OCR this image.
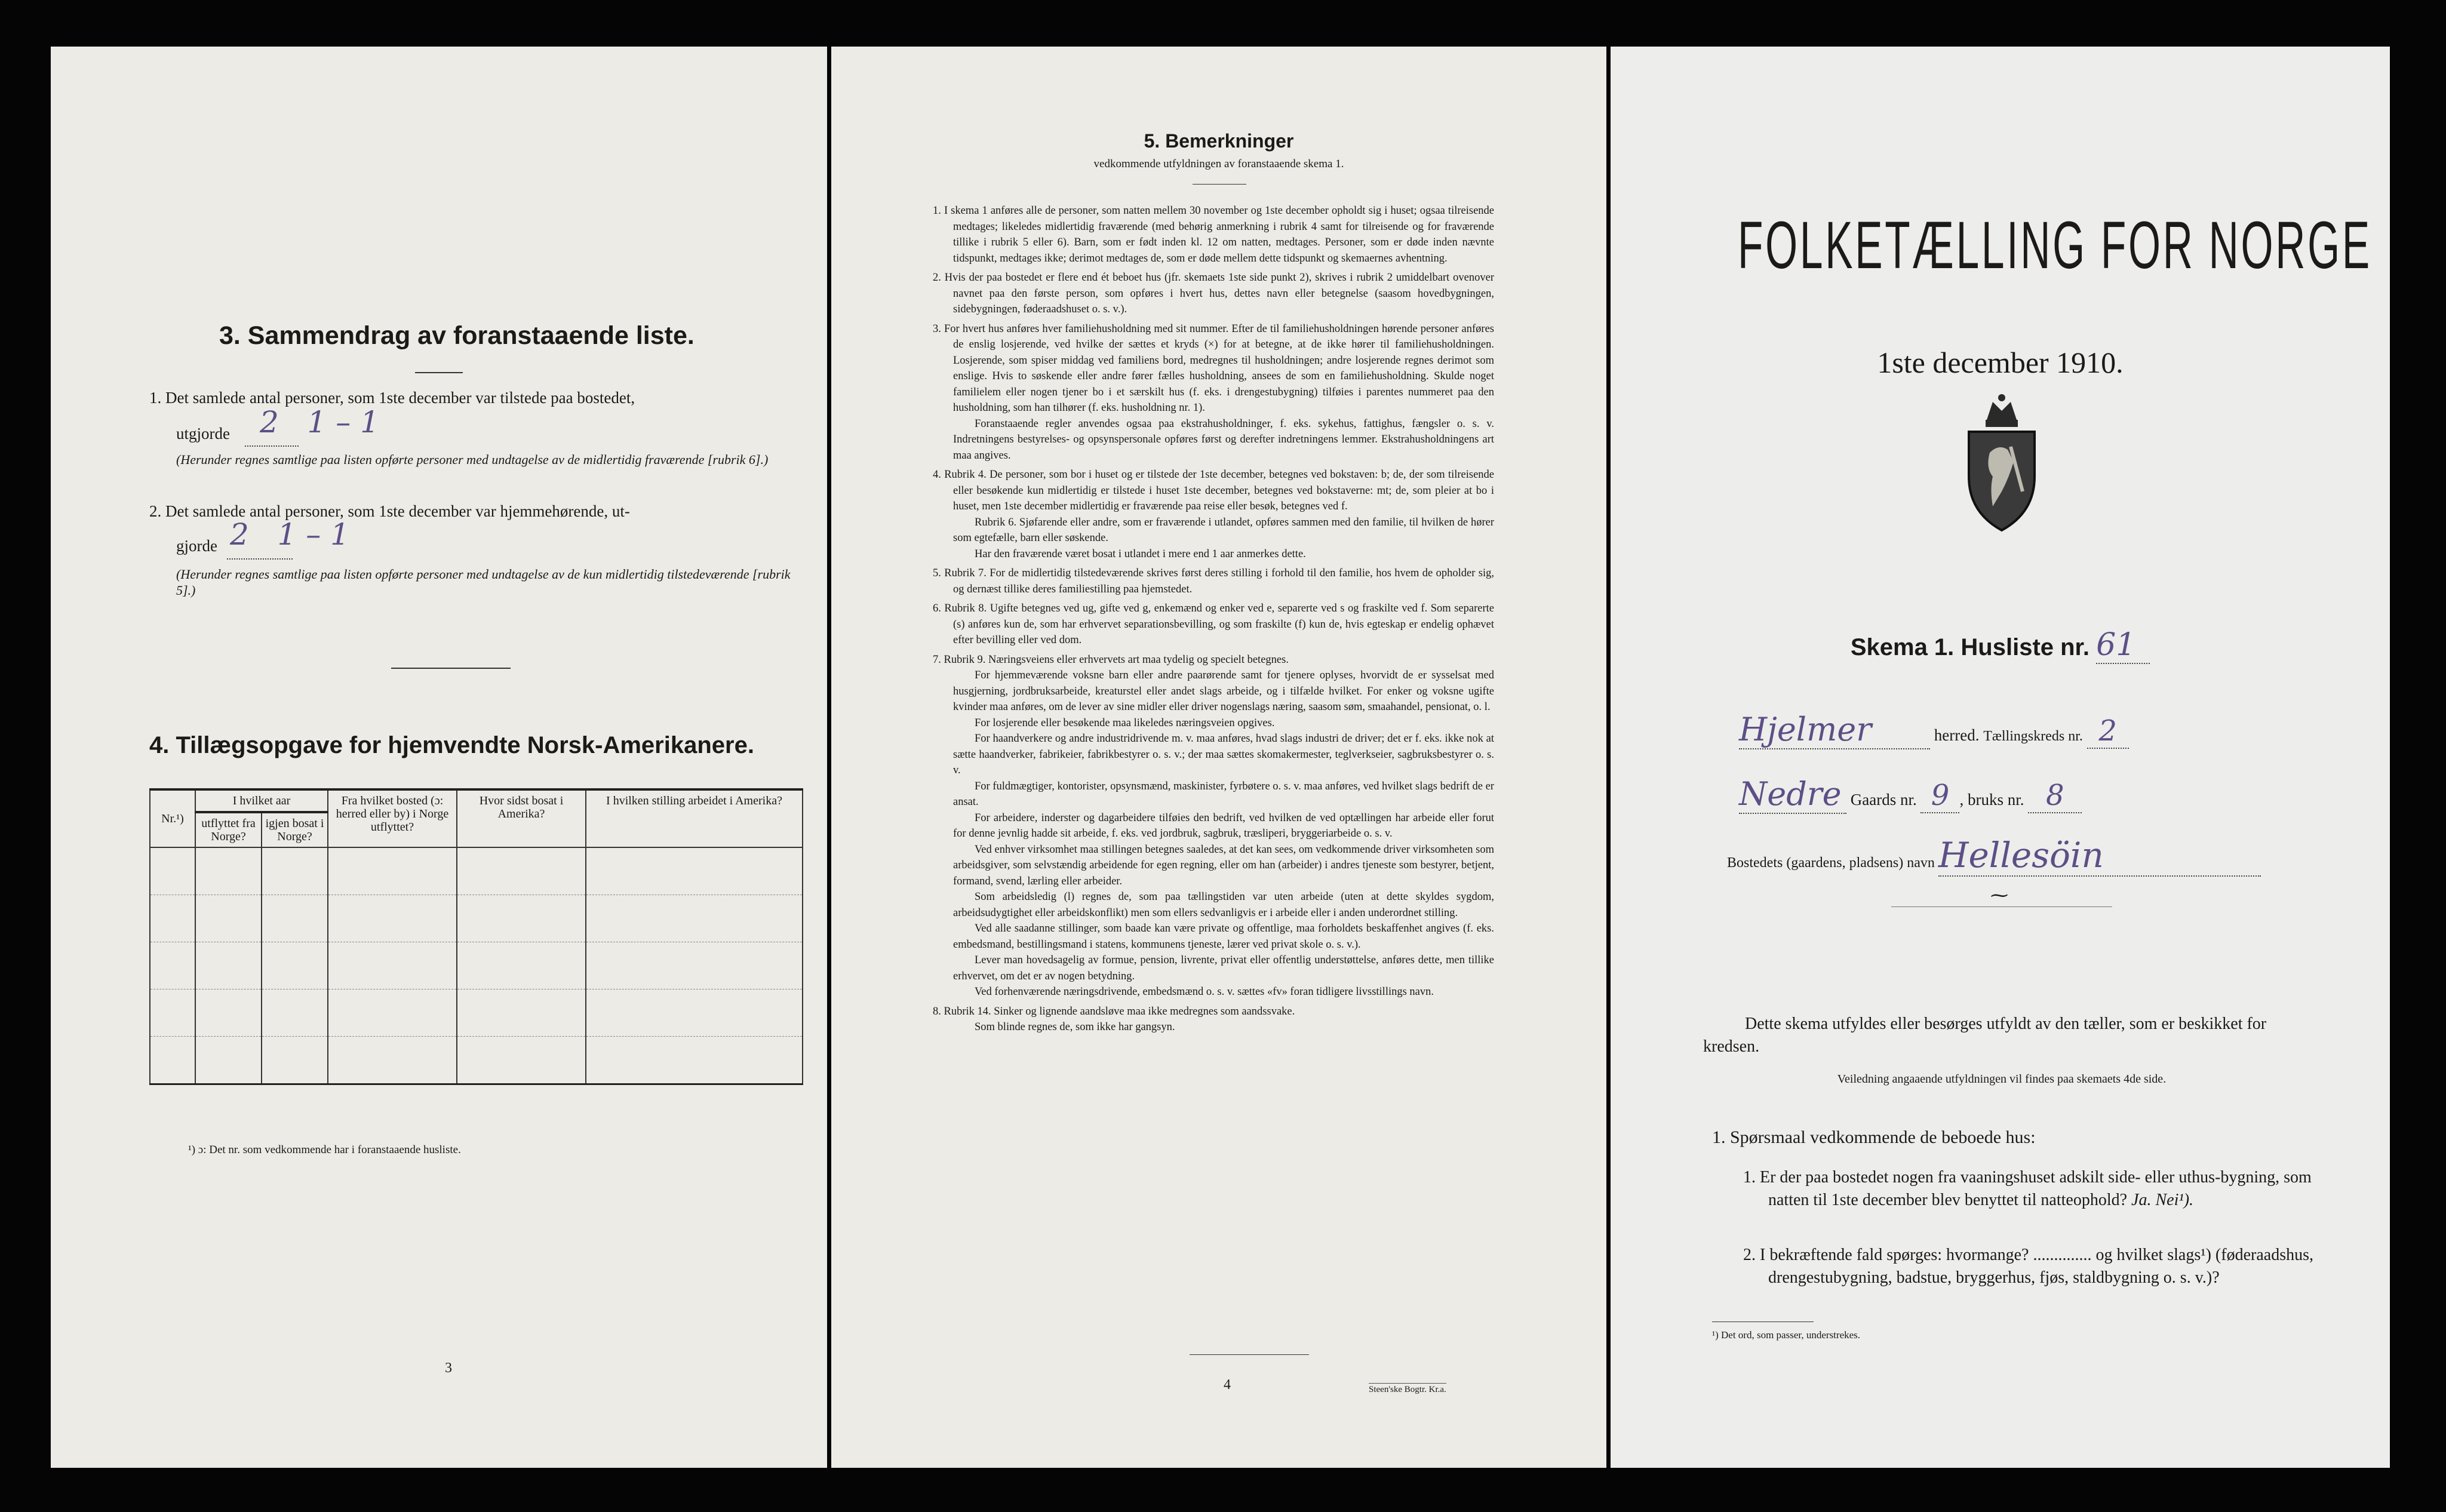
3. Sammendrag av foranstaaende liste.
1. Det samlede antal personer, som 1ste december var tilstede paa bostedet,
utgjorde 2   1 – 1
(Herunder regnes samtlige paa listen opførte personer med undtagelse av de midlertidig fraværende [rubrik 6].)
2. Det samlede antal personer, som 1ste december var hjemmehørende, ut-
gjorde 2   1 – 1
(Herunder regnes samtlige paa listen opførte personer med undtagelse av de kun midlertidig tilstedeværende [rubrik 5].)
4. Tillægsopgave for hjemvendte Norsk-Amerikanere.
Nr.¹)	I hvilket aar		Fra hvilket bosted (ɔ: herred eller by) i Norge utflyttet?	Hvor sidst bosat i Amerika?	I hvilken stilling arbeidet i Amerika?
	utflyttet fra Norge?	igjen bosat i Norge?			

¹) ɔ: Det nr. som vedkommende har i foranstaaende husliste.
3
5. Bemerkninger
vedkommende utfyldningen av foranstaaende skema 1.

1. I skema 1 anføres alle de personer, som natten mellem 30 november og 1ste december opholdt sig i huset; ogsaa tilreisende medtages; likeledes midlertidig fraværende (med behørig anmerkning i rubrik 4 samt for tilreisende og for fraværende tillike i rubrik 5 eller 6). Barn, som er født inden kl. 12 om natten, medtages. Personer, som er døde inden nævnte tidspunkt, medtages ikke; derimot medtages de, som er døde mellem dette tidspunkt og skemaernes avhentning.

2. Hvis der paa bostedet er flere end ét beboet hus (jfr. skemaets 1ste side punkt 2), skrives i rubrik 2 umiddelbart ovenover navnet paa den første person, som opføres i hvert hus, dettes navn eller betegnelse (saasom hovedbygningen, sidebygningen, føderaadshuset o. s. v.).

3. For hvert hus anføres hver familiehusholdning med sit nummer. Efter de til familiehusholdningen hørende personer anføres de enslig losjerende, ved hvilke der sættes et kryds (×) for at betegne, at de ikke hører til familiehusholdningen. Losjerende, som spiser middag ved familiens bord, medregnes til husholdningen; andre losjerende regnes derimot som enslige. Hvis to søskende eller andre fører fælles husholdning, ansees de som en familiehusholdning. Skulde noget familielem eller nogen tjener bo i et særskilt hus (f. eks. i drengestubygning) tilføies i parentes nummeret paa den husholdning, som han tilhører (f. eks. husholdning nr. 1).

Foranstaaende regler anvendes ogsaa paa ekstrahusholdninger, f. eks. sykehus, fattighus, fængsler o. s. v. Indretningens bestyrelses- og opsynspersonale opføres først og derefter indretningens lemmer. Ekstrahusholdningens art maa angives.

4. Rubrik 4. De personer, som bor i huset og er tilstede der 1ste december, betegnes ved bokstaven: b; de, der som tilreisende eller besøkende kun midlertidig er tilstede i huset 1ste december, betegnes ved bokstaverne: mt; de, som pleier at bo i huset, men 1ste december midlertidig er fraværende paa reise eller besøk, betegnes ved f.

Rubrik 6. Sjøfarende eller andre, som er fraværende i utlandet, opføres sammen med den familie, til hvilken de hører som egtefælle, barn eller søskende.
Har den fraværende været bosat i utlandet i mere end 1 aar anmerkes dette.

5. Rubrik 7. For de midlertidig tilstedeværende skrives først deres stilling i forhold til den familie, hos hvem de opholder sig, og dernæst tillike deres familiestilling paa hjemstedet.

6. Rubrik 8. Ugifte betegnes ved ug, gifte ved g, enkemænd og enker ved e, separerte ved s og fraskilte ved f. Som separerte (s) anføres kun de, som har erhvervet separationsbevilling, og som fraskilte (f) kun de, hvis egteskap er endelig ophævet efter bevilling eller ved dom.

7. Rubrik 9. Næringsveiens eller erhvervets art maa tydelig og specielt betegnes.

For hjemmeværende voksne barn eller andre paarørende samt for tjenere oplyses, hvorvidt de er sysselsat med husgjerning, jordbruksarbeide, kreaturstel eller andet slags arbeide, og i tilfælde hvilket. For enker og voksne ugifte kvinder maa anføres, om de lever av sine midler eller driver nogenslags næring, saasom søm, smaahandel, pensionat, o. l.
For losjerende eller besøkende maa likeledes næringsveien opgives.
For haandverkere og andre industridrivende m. v. maa anføres, hvad slags industri de driver; det er f. eks. ikke nok at sætte haandverker, fabrikeier, fabrikbestyrer o. s. v.; der maa sættes skomakermester, teglverkseier, sagbruksbestyrer o. s. v.
For fuldmægtiger, kontorister, opsynsmænd, maskinister, fyrbøtere o. s. v. maa anføres, ved hvilket slags bedrift de er ansat.
For arbeidere, inderster og dagarbeidere tilføies den bedrift, ved hvilken de ved optællingen har arbeide eller forut for denne jevnlig hadde sit arbeide, f. eks. ved jordbruk, sagbruk, træsliperi, bryggeriarbeide o. s. v.
Ved enhver virksomhet maa stillingen betegnes saaledes, at det kan sees, om vedkommende driver virksomheten som arbeidsgiver, som selvstændig arbeidende for egen regning, eller om han (arbeider) i andres tjeneste som bestyrer, betjent, formand, svend, lærling eller arbeider.
Som arbeidsledig (l) regnes de, som paa tællingstiden var uten arbeide (uten at dette skyldes sygdom, arbeidsudygtighet eller arbeidskonflikt) men som ellers sedvanligvis er i arbeide eller i anden underordnet stilling.
Ved alle saadanne stillinger, som baade kan være private og offentlige, maa forholdets beskaffenhet angives (f. eks. embedsmand, bestillingsmand i statens, kommunens tjeneste, lærer ved privat skole o. s. v.).
Lever man hovedsagelig av formue, pension, livrente, privat eller offentlig understøttelse, anføres dette, men tillike erhvervet, om det er av nogen betydning.
Ved forhenværende næringsdrivende, embedsmænd o. s. v. sættes «fv» foran tidligere livsstillings navn.

8. Rubrik 14. Sinker og lignende aandsløve maa ikke medregnes som aandssvake.

Som blinde regnes de, som ikke har gangsyn.
4	Steen'ske Bogtr. Kr.a.
FOLKETÆLLING FOR NORGE
1ste december 1910.
Skema 1. Husliste nr. 61
Hjelmer	herred. Tællingskreds nr. 2
Nedre Gaards nr. 9 , bruks nr. 8
Bostedets (gaardens, pladsens) navn Hellesöin
⁓
Dette skema utfyldes eller besørges utfyldt av den tæller, som er beskikket for kredsen.
Veiledning angaaende utfyldningen vil findes paa skemaets 4de side.
1. Spørsmaal vedkommende de beboede hus:
1. Er der paa bostedet nogen fra vaaningshuset adskilt side- eller uthus-bygning, som natten til 1ste december blev benyttet til natteophold? Ja. Nei¹).
2. I bekræftende fald spørges: hvormange? .............. og hvilket slags¹) (føderaadshus, drengestubygning, badstue, bryggerhus, fjøs, staldbygning o. s. v.)?
¹) Det ord, som passer, understrekes.
